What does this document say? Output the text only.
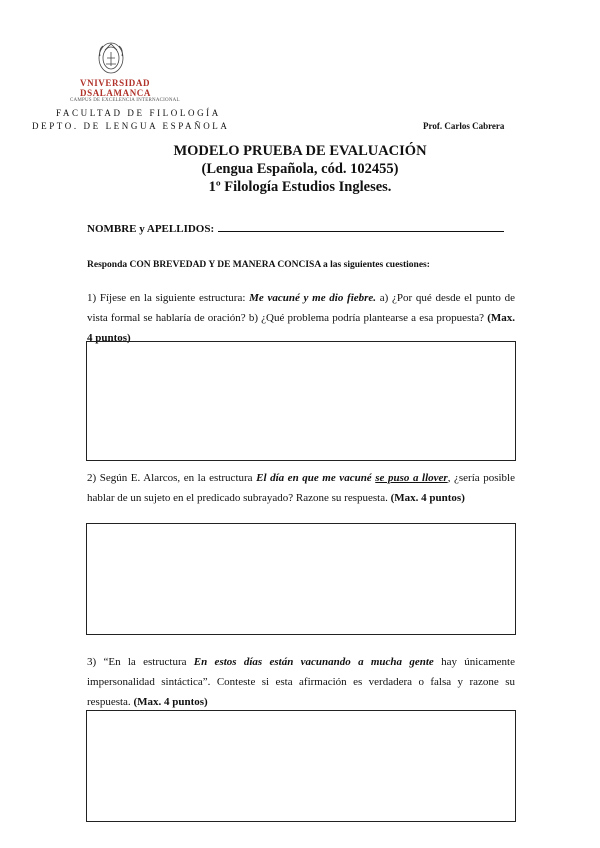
VNIVERSIDAD
DSALAMANCA
CAMPUS DE EXCELENCIA INTERNACIONAL
FACULTAD DE FILOLOGÍA
DEPTO. DE LENGUA ESPAÑOLA	Prof. Carlos Cabrera
MODELO PRUEBA DE EVALUACIÓN
(Lengua Española, cód. 102455)
1º Filología Estudios Ingleses.
NOMBRE y APELLIDOS:
Responda CON BREVEDAD Y DE MANERA CONCISA a las siguientes cuestiones:
1) Fíjese en la siguiente estructura: Me vacuné y me dio fiebre. a) ¿Por qué desde el punto de vista formal se hablaría de oración? b) ¿Qué problema podría plantearse a esa propuesta? (Max. 4 puntos)
2) Según E. Alarcos, en la estructura El día en que me vacuné se puso a llover, ¿sería posible hablar de un sujeto en el predicado subrayado? Razone su respuesta. (Max. 4 puntos)
3) “En la estructura En estos días están vacunando a mucha gente hay únicamente impersonalidad sintáctica”. Conteste si esta afirmación es verdadera o falsa y razone su respuesta. (Max. 4 puntos)
